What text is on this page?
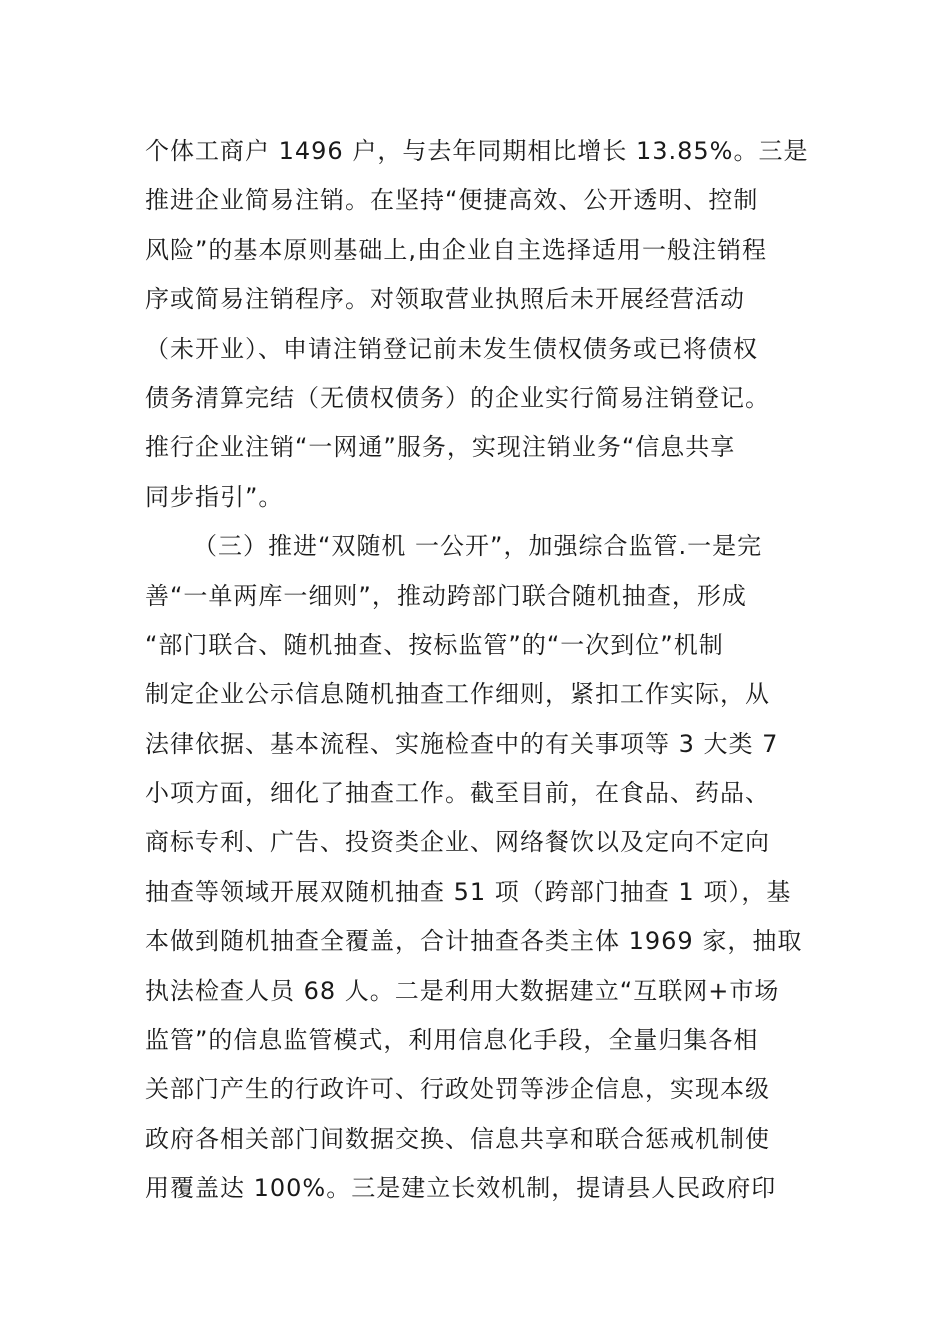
个体工商户 1496 户，与去年同期相比增长 13.85%。三是
推进企业简易注销。在坚持“便捷高效、公开透明、控制
风险”的基本原则基础上,由企业自主选择适用一般注销程
序或简易注销程序。对领取营业执照后未开展经营活动
（未开业）、申请注销登记前未发生债权债务或已将债权
债务清算完结（无债权债务）的企业实行简易注销登记。
推行企业注销“一网通”服务，实现注销业务“信息共享
同步指引”。
（三）推进“双随机 一公开”，加强综合监管.一是完
善“一单两库一细则”，推动跨部门联合随机抽查，形成
“部门联合、随机抽查、按标监管”的“一次到位”机制
制定企业公示信息随机抽查工作细则，紧扣工作实际，从
法律依据、基本流程、实施检查中的有关事项等 3 大类 7
小项方面，细化了抽查工作。截至目前，在食品、药品、
商标专利、广告、投资类企业、网络餐饮以及定向不定向
抽查等领域开展双随机抽查 51 项（跨部门抽查 1 项），基
本做到随机抽查全覆盖，合计抽查各类主体 1969 家，抽取
执法检查人员 68 人。二是利用大数据建立“互联网+市场
监管”的信息监管模式，利用信息化手段，全量归集各相
关部门产生的行政许可、行政处罚等涉企信息，实现本级
政府各相关部门间数据交换、信息共享和联合惩戒机制使
用覆盖达 100%。三是建立长效机制，提请县人民政府印
